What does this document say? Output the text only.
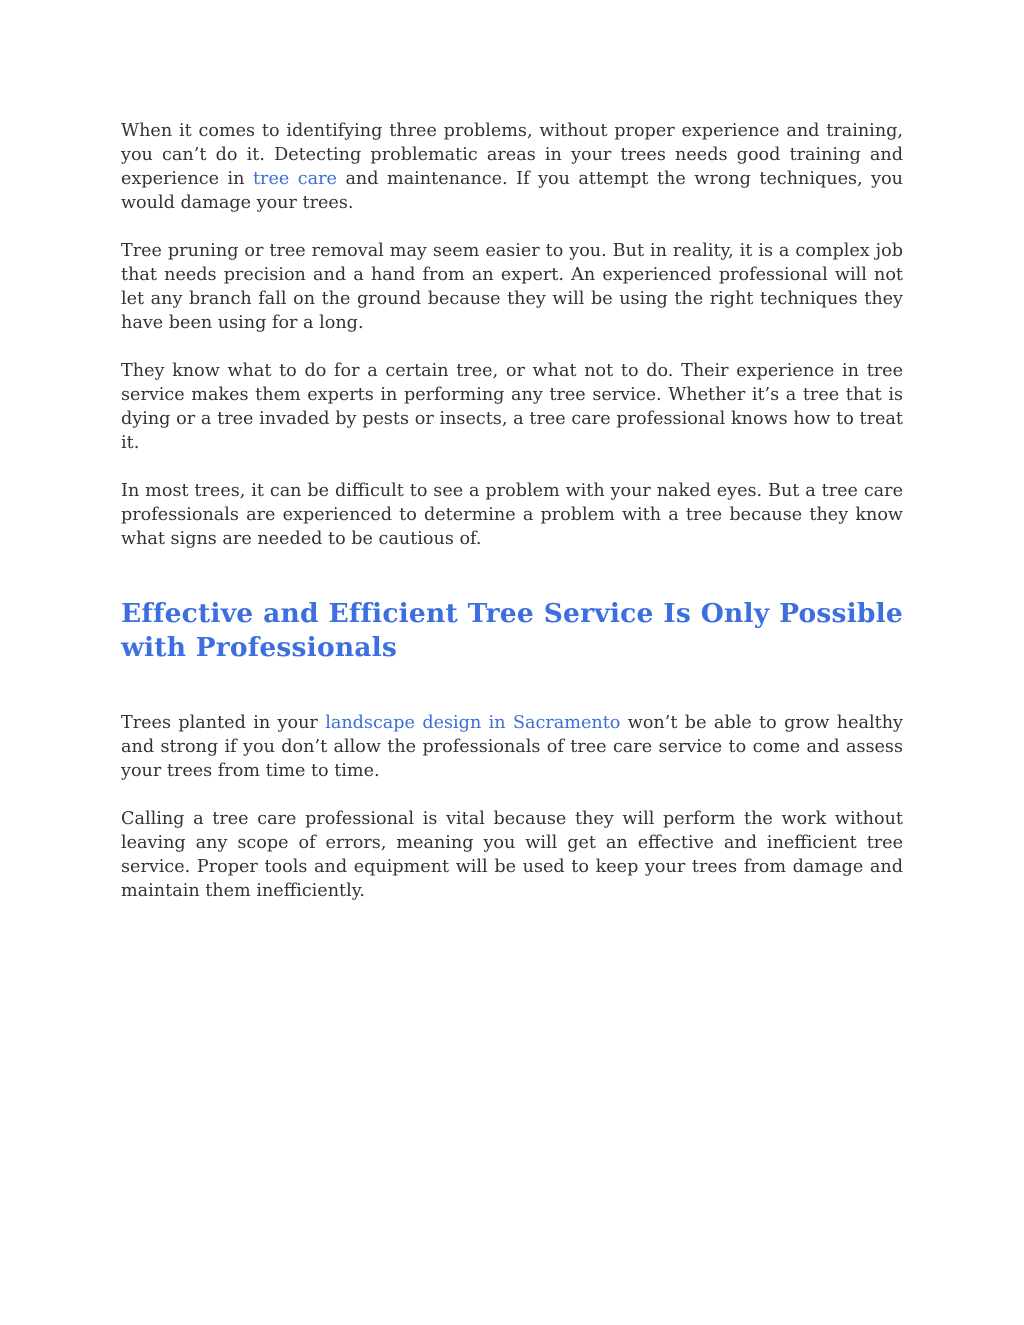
When it comes to identifying three problems, without proper experience and training, you can’t do it. Detecting problematic areas in your trees needs good training and experience in tree care and maintenance. If you attempt the wrong techniques, you would damage your trees.

Tree pruning or tree removal may seem easier to you. But in reality, it is a complex job that needs precision and a hand from an expert. An experienced professional will not let any branch fall on the ground because they will be using the right techniques they have been using for a long.

They know what to do for a certain tree, or what not to do. Their experience in tree service makes them experts in performing any tree service. Whether it’s a tree that is dying or a tree invaded by pests or insects, a tree care professional knows how to treat it.

In most trees, it can be difficult to see a problem with your naked eyes. But a tree care professionals are experienced to determine a problem with a tree because they know what signs are needed to be cautious of.

Effective and Efficient Tree Service Is Only Possible with Professionals

Trees planted in your landscape design in Sacramento won’t be able to grow healthy and strong if you don’t allow the professionals of tree care service to come and assess your trees from time to time.

Calling a tree care professional is vital because they will perform the work without leaving any scope of errors, meaning you will get an effective and inefficient tree service. Proper tools and equipment will be used to keep your trees from damage and maintain them inefficiently.
